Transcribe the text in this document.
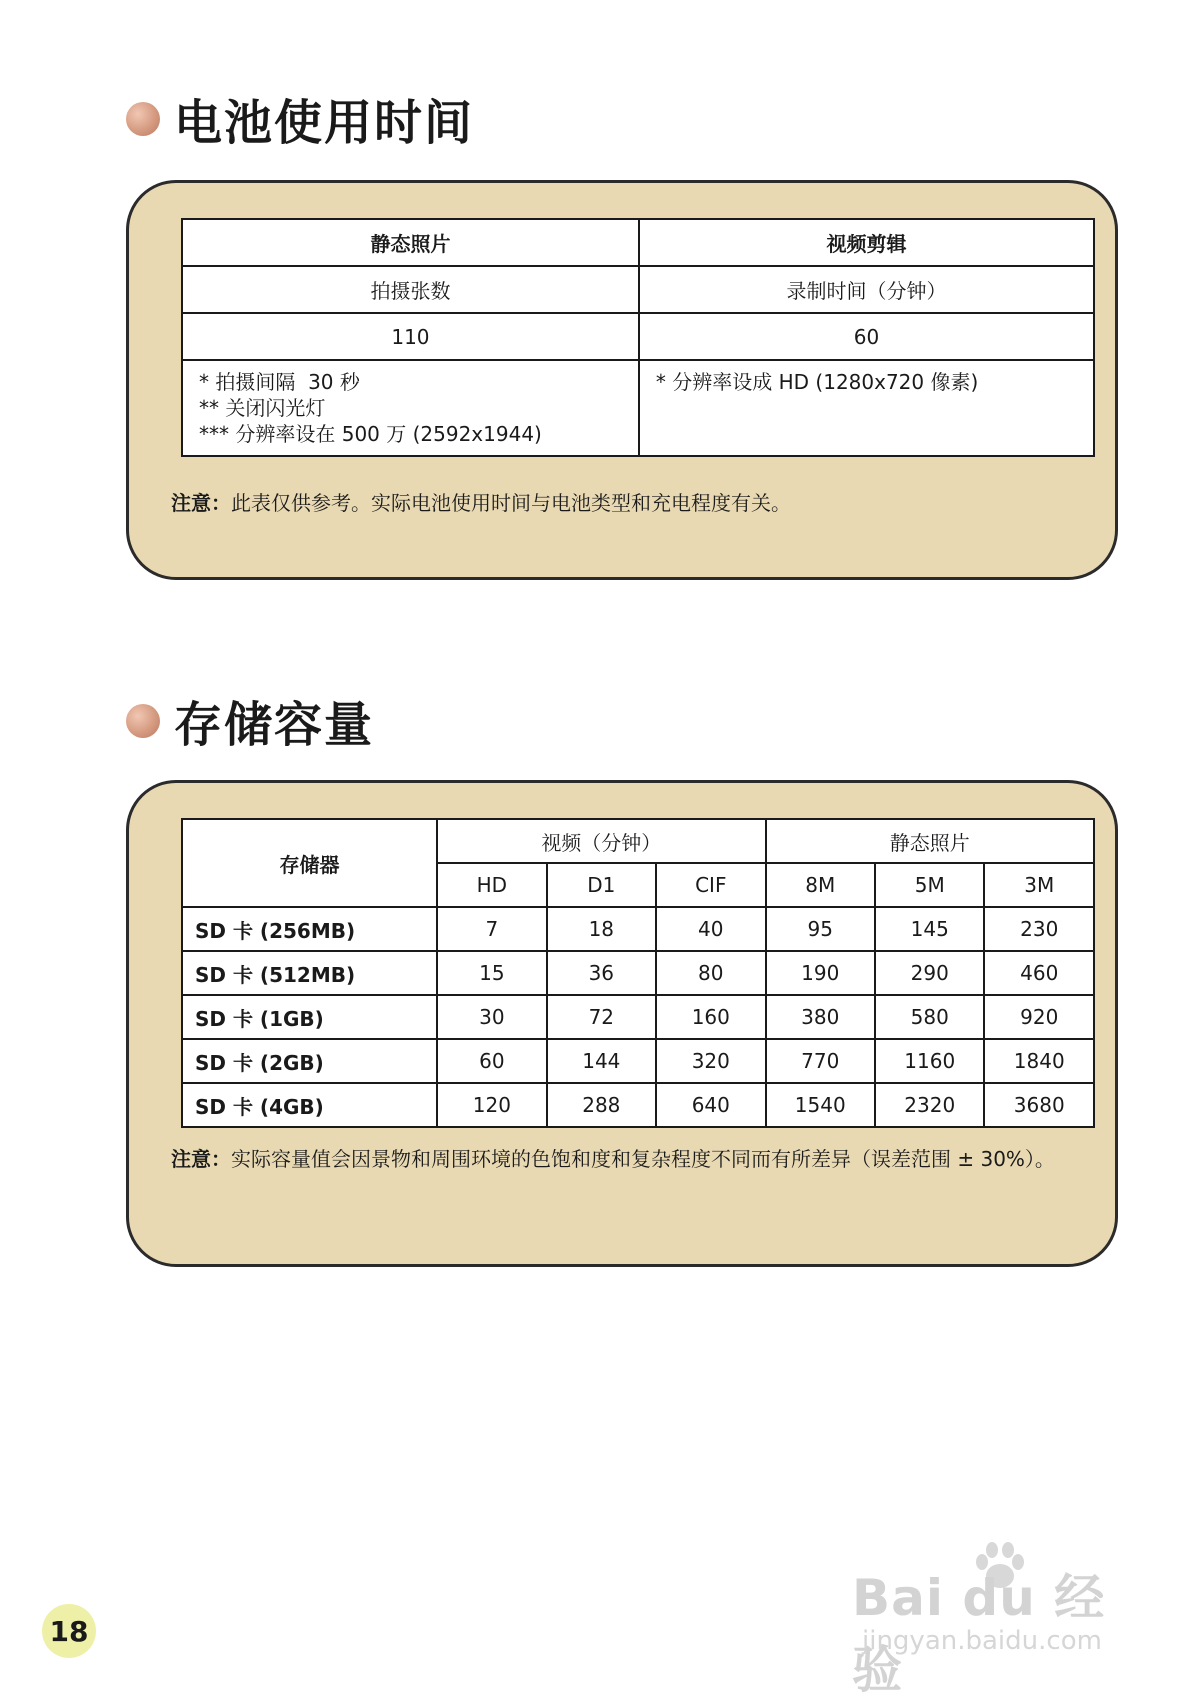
电池使用时间
静态照片	视频剪辑
拍摄张数	录制时间（分钟）
110	60

* 拍摄间隔  30 秒
** 关闭闪光灯
*** 分辨率设在 500 万 (2592x1944)	* 分辨率设成 HD (1280x720 像素)
注意：此表仅供参考。实际电池使用时间与电池类型和充电程度有关。
存储容量
存储器	视频（分钟）			静态照片		
	HD	D1	CIF	8M	5M	3M
SD 卡 (256MB)	7	18	40	95	145	230
SD 卡 (512MB)	15	36	80	190	290	460
SD 卡 (1GB)	30	72	160	380	580	920
SD 卡 (2GB)	60	144	320	770	1160	1840
SD 卡 (4GB)	120	288	640	1540	2320	3680
注意： 实际容量值会因景物和周围环境的色饱和度和复杂程度不同而有所差异（误差范围 ± 30%）。
18
Bai du 经验
jingyan.baidu.com
